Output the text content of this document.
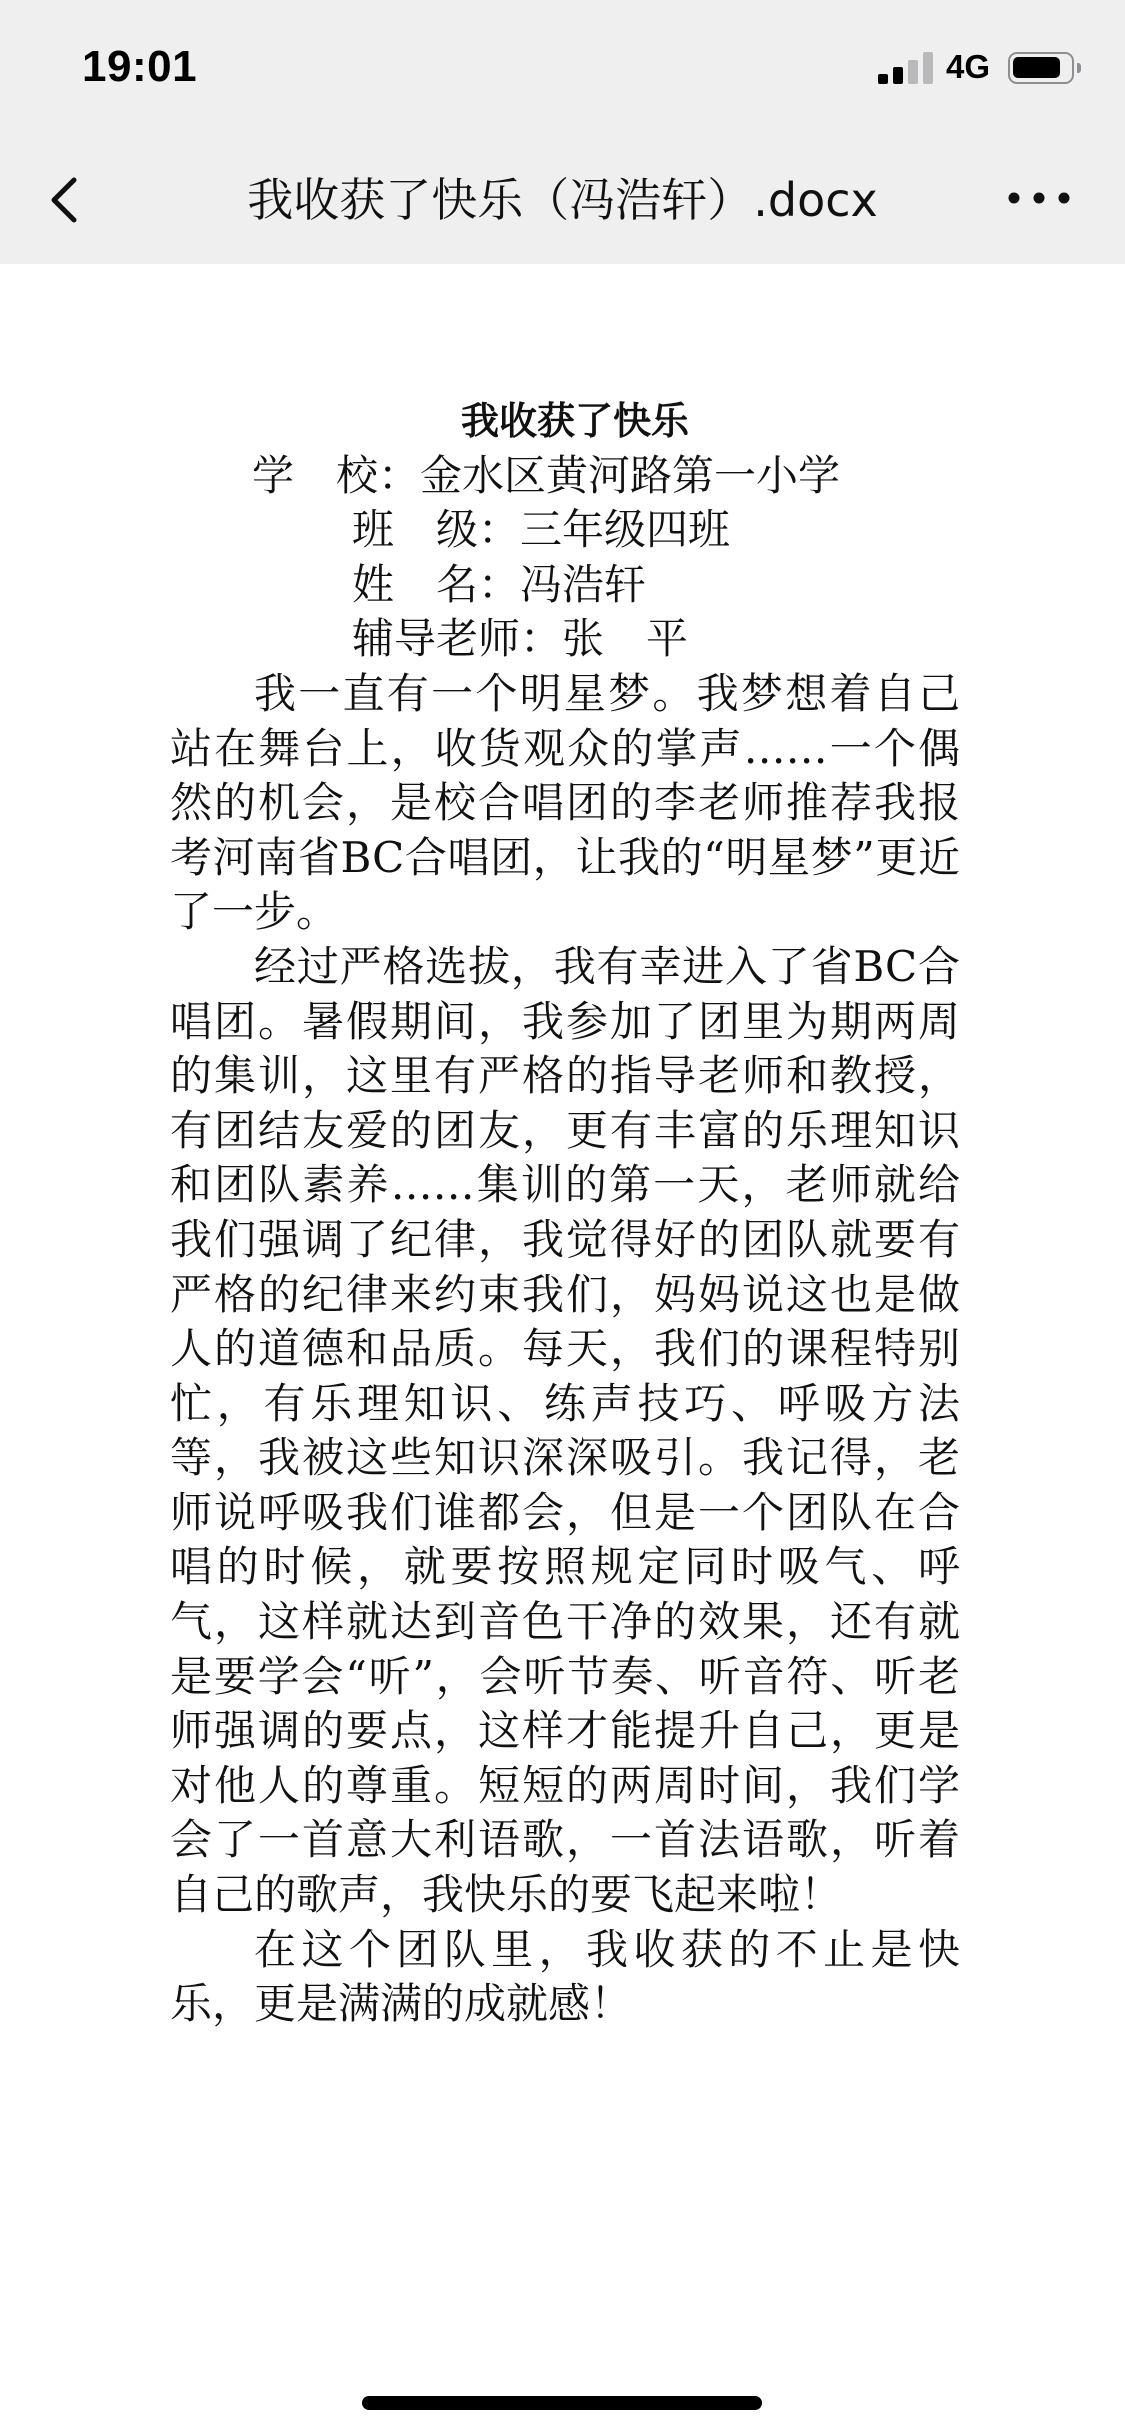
19:01	4G
我收获了快乐（冯浩轩）.docx
我收获了快乐
学　校：金水区黄河路第一小学
班　级：三年级四班
姓　名：冯浩轩
辅导老师：张　平
我一直有一个明星梦。我梦想着自己站在舞台上，收货观众的掌声……一个偶然的机会，是校合唱团的李老师推荐我报考河南省BC合唱团，让我的“明星梦”更近了一步。
经过严格选拔，我有幸进入了省BC合唱团。暑假期间，我参加了团里为期两周的集训，这里有严格的指导老师和教授，有团结友爱的团友，更有丰富的乐理知识和团队素养……集训的第一天，老师就给我们强调了纪律，我觉得好的团队就要有严格的纪律来约束我们，妈妈说这也是做人的道德和品质。每天，我们的课程特别忙，有乐理知识、练声技巧、呼吸方法等，我被这些知识深深吸引。我记得，老师说呼吸我们谁都会，但是一个团队在合唱的时候，就要按照规定同时吸气、呼气，这样就达到音色干净的效果，还有就是要学会“听”，会听节奏、听音符、听老师强调的要点，这样才能提升自己，更是对他人的尊重。短短的两周时间，我们学会了一首意大利语歌，一首法语歌，听着自己的歌声，我快乐的要飞起来啦！
在这个团队里，我收获的不止是快乐，更是满满的成就感！
